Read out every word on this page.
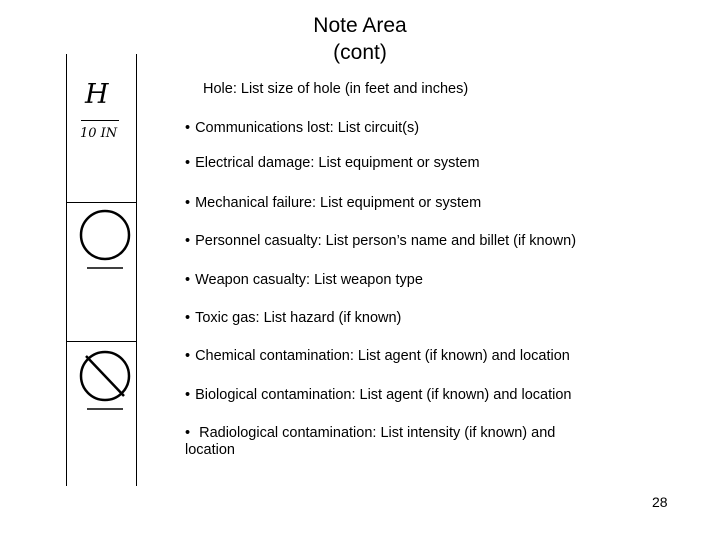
Note Area
(cont)
H
10 IN
Hole: List size of hole (in feet and inches)
• Communications lost: List circuit(s)
• Electrical damage: List equipment or system
• Mechanical failure: List equipment or system
• Personnel casualty: List person’s name and billet (if known)
• Weapon casualty: List weapon type
• Toxic gas: List hazard (if known)
• Chemical contamination: List agent (if known) and location
• Biological contamination: List agent (if known) and location
• Radiological contamination: List intensity (if known) and
location
28
